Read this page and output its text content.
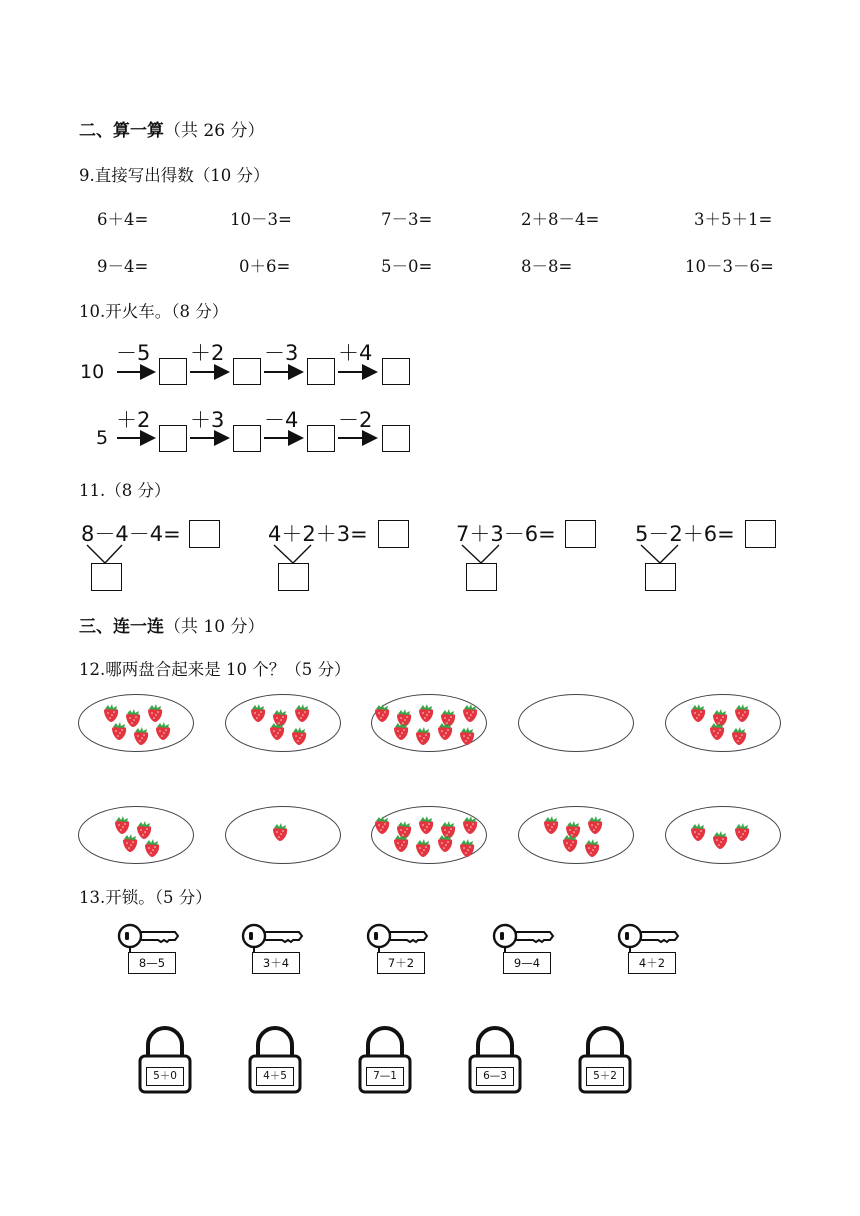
二、算一算（共 26 分）
9.直接写出得数（10 分）
6＋4=	10－3=	7－3=	2＋8－4=	3＋5＋1=
9－4=	0＋6=	5－0=	8－8=	10－3－6=
10.开火车。（8 分）
10
－5 ＋2 －3 ＋4
5
＋2 ＋3 －4 －2
11.（8 分）
8－4－4=	4＋2＋3=	7＋3－6=	5－2＋6=
三、连一连（共 10 分）
12.哪两盘合起来是 10 个？（5 分）
13.开锁。（5 分）
8—5	3＋4	7＋2	9—4	4＋2
5＋0	4＋5	7—1	6—3	5＋2
